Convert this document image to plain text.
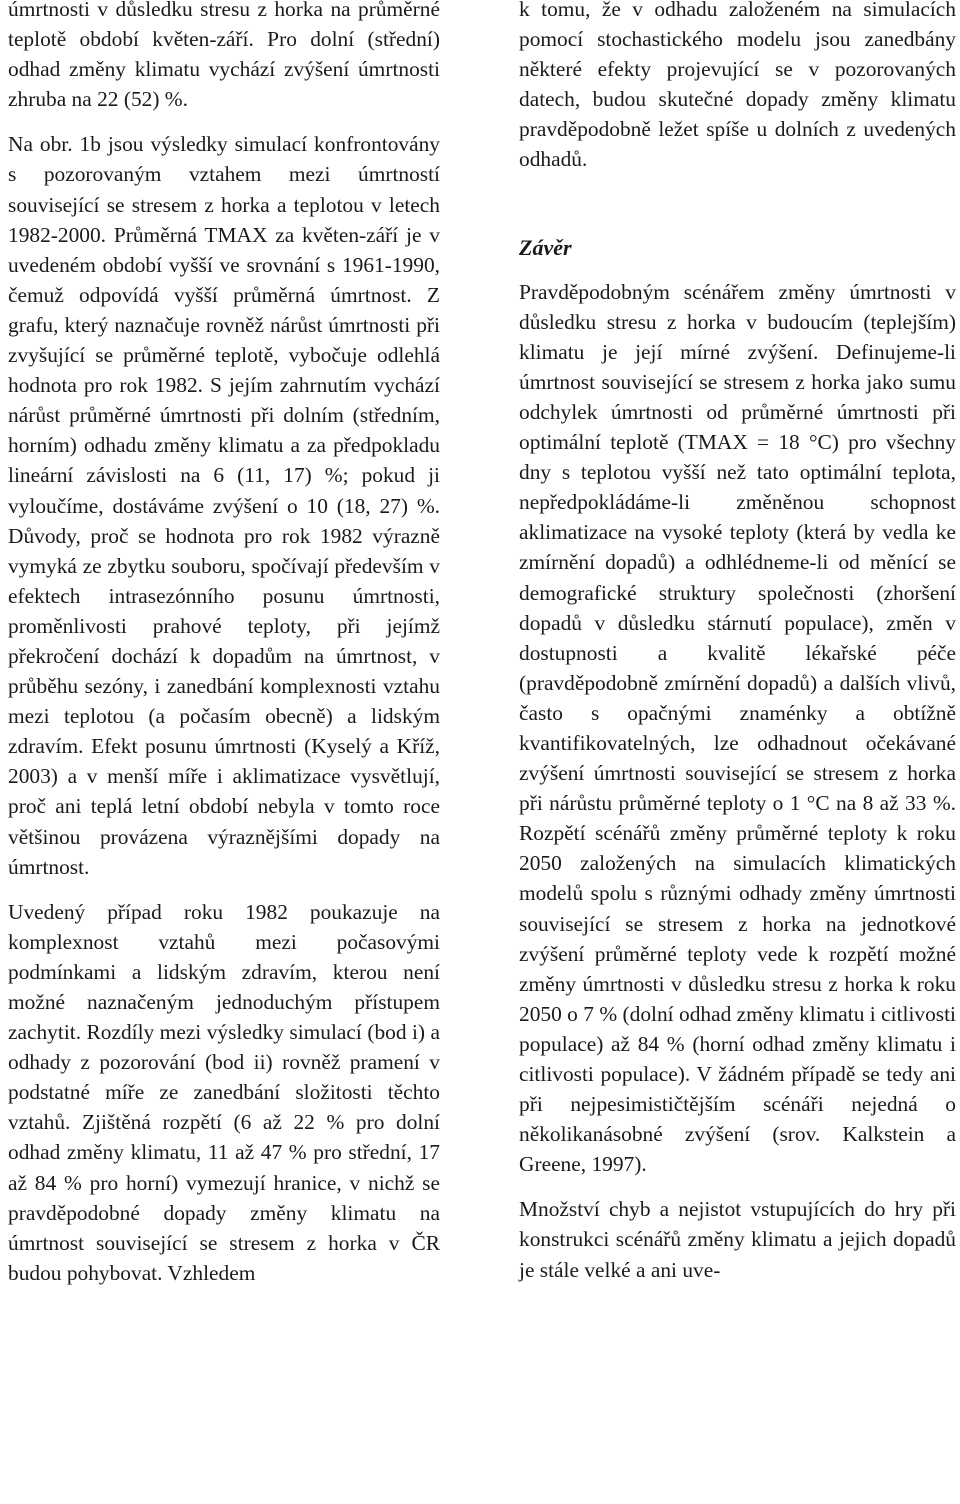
úmrtnosti v důsledku stresu z horka na průměrné teplotě období květen-září. Pro dolní (střední) odhad změny klimatu vychází zvýšení úmrtnosti zhruba na 22 (52) %.

Na obr. 1b jsou výsledky simulací konfrontovány s pozorovaným vztahem mezi úmrtností související se stresem z horka a teplotou v letech 1982-2000. Průměrná TMAX za květen-září je v uvedeném období vyšší ve srovnání s 1961-1990, čemuž odpovídá vyšší průměrná úmrtnost. Z grafu, který naznačuje rovněž nárůst úmrtnosti při zvyšující se průměrné teplotě, vybočuje odlehlá hodnota pro rok 1982. S jejím zahrnutím vychází nárůst průměrné úmrtnosti při dolním (středním, horním) odhadu změny klimatu a za předpokladu lineární závislosti na 6 (11, 17) %; pokud ji vyloučíme, dostáváme zvýšení o 10 (18, 27) %. Důvody, proč se hodnota pro rok 1982 výrazně vymyká ze zbytku souboru, spočívají především v efektech intrasezónního posunu úmrtnosti, proměnlivosti prahové teploty, při jejímž překročení dochází k dopadům na úmrtnost, v průběhu sezóny, i zanedbání komplexnosti vztahu mezi teplotou (a počasím obecně) a lidským zdravím. Efekt posunu úmrtnosti (Kyselý a Kříž, 2003) a v menší míře i aklimatizace vysvětlují, proč ani teplá letní období nebyla v tomto roce většinou provázena výraznějšími dopady na úmrtnost.

Uvedený případ roku 1982 poukazuje na komplexnost vztahů mezi počasovými podmínkami a lidským zdravím, kterou není možné naznačeným jednoduchým přístupem zachytit. Rozdíly mezi výsledky simulací (bod i) a odhady z pozorování (bod ii) rovněž pramení v podstatné míře ze zanedbání složitosti těchto vztahů. Zjištěná rozpětí (6 až 22 % pro dolní odhad změny klimatu, 11 až 47 % pro střední, 17 až 84 % pro horní) vymezují hranice, v nichž se pravděpodobné dopady změny klimatu na úmrtnost související se stresem z horka v ČR budou pohybovat. Vzhledem

k tomu, že v odhadu založeném na simulacích pomocí stochastického modelu jsou zanedbány některé efekty projevující se v pozorovaných datech, budou skutečné dopady změny klimatu pravděpodobně ležet spíše u dolních z uvedených odhadů.

Závěr

Pravděpodobným scénářem změny úmrtnosti v důsledku stresu z horka v budoucím (teplejším) klimatu je její mírné zvýšení. Definujeme-li úmrtnost související se stresem z horka jako sumu odchylek úmrtnosti od průměrné úmrtnosti při optimální teplotě (TMAX = 18 °C) pro všechny dny s teplotou vyšší než tato optimální teplota, nepředpokládáme-li změněnou schopnost aklimatizace na vysoké teploty (která by vedla ke zmírnění dopadů) a odhlédneme-li od měnící se demografické struktury společnosti (zhoršení dopadů v důsledku stárnutí populace), změn v dostupnosti a kvalitě lékařské péče (pravděpodobně zmírnění dopadů) a dalších vlivů, často s opačnými znaménky a obtížně kvantifikovatelných, lze odhadnout očekávané zvýšení úmrtnosti související se stresem z horka při nárůstu průměrné teploty o 1 °C na 8 až 33 %. Rozpětí scénářů změny průměrné teploty k roku 2050 založených na simulacích klimatických modelů spolu s různými odhady změny úmrtnosti související se stresem z horka na jednotkové zvýšení průměrné teploty vede k rozpětí možné změny úmrtnosti v důsledku stresu z horka k roku 2050 o 7 % (dolní odhad změny klimatu i citlivosti populace) až 84 % (horní odhad změny klimatu i citlivosti populace). V žádném případě se tedy ani při nejpesimističtějším scénáři nejedná o několikanásobné zvýšení (srov. Kalkstein a Greene, 1997).

Množství chyb a nejistot vstupujících do hry při konstrukci scénářů změny klimatu a jejich dopadů je stále velké a ani uve-
